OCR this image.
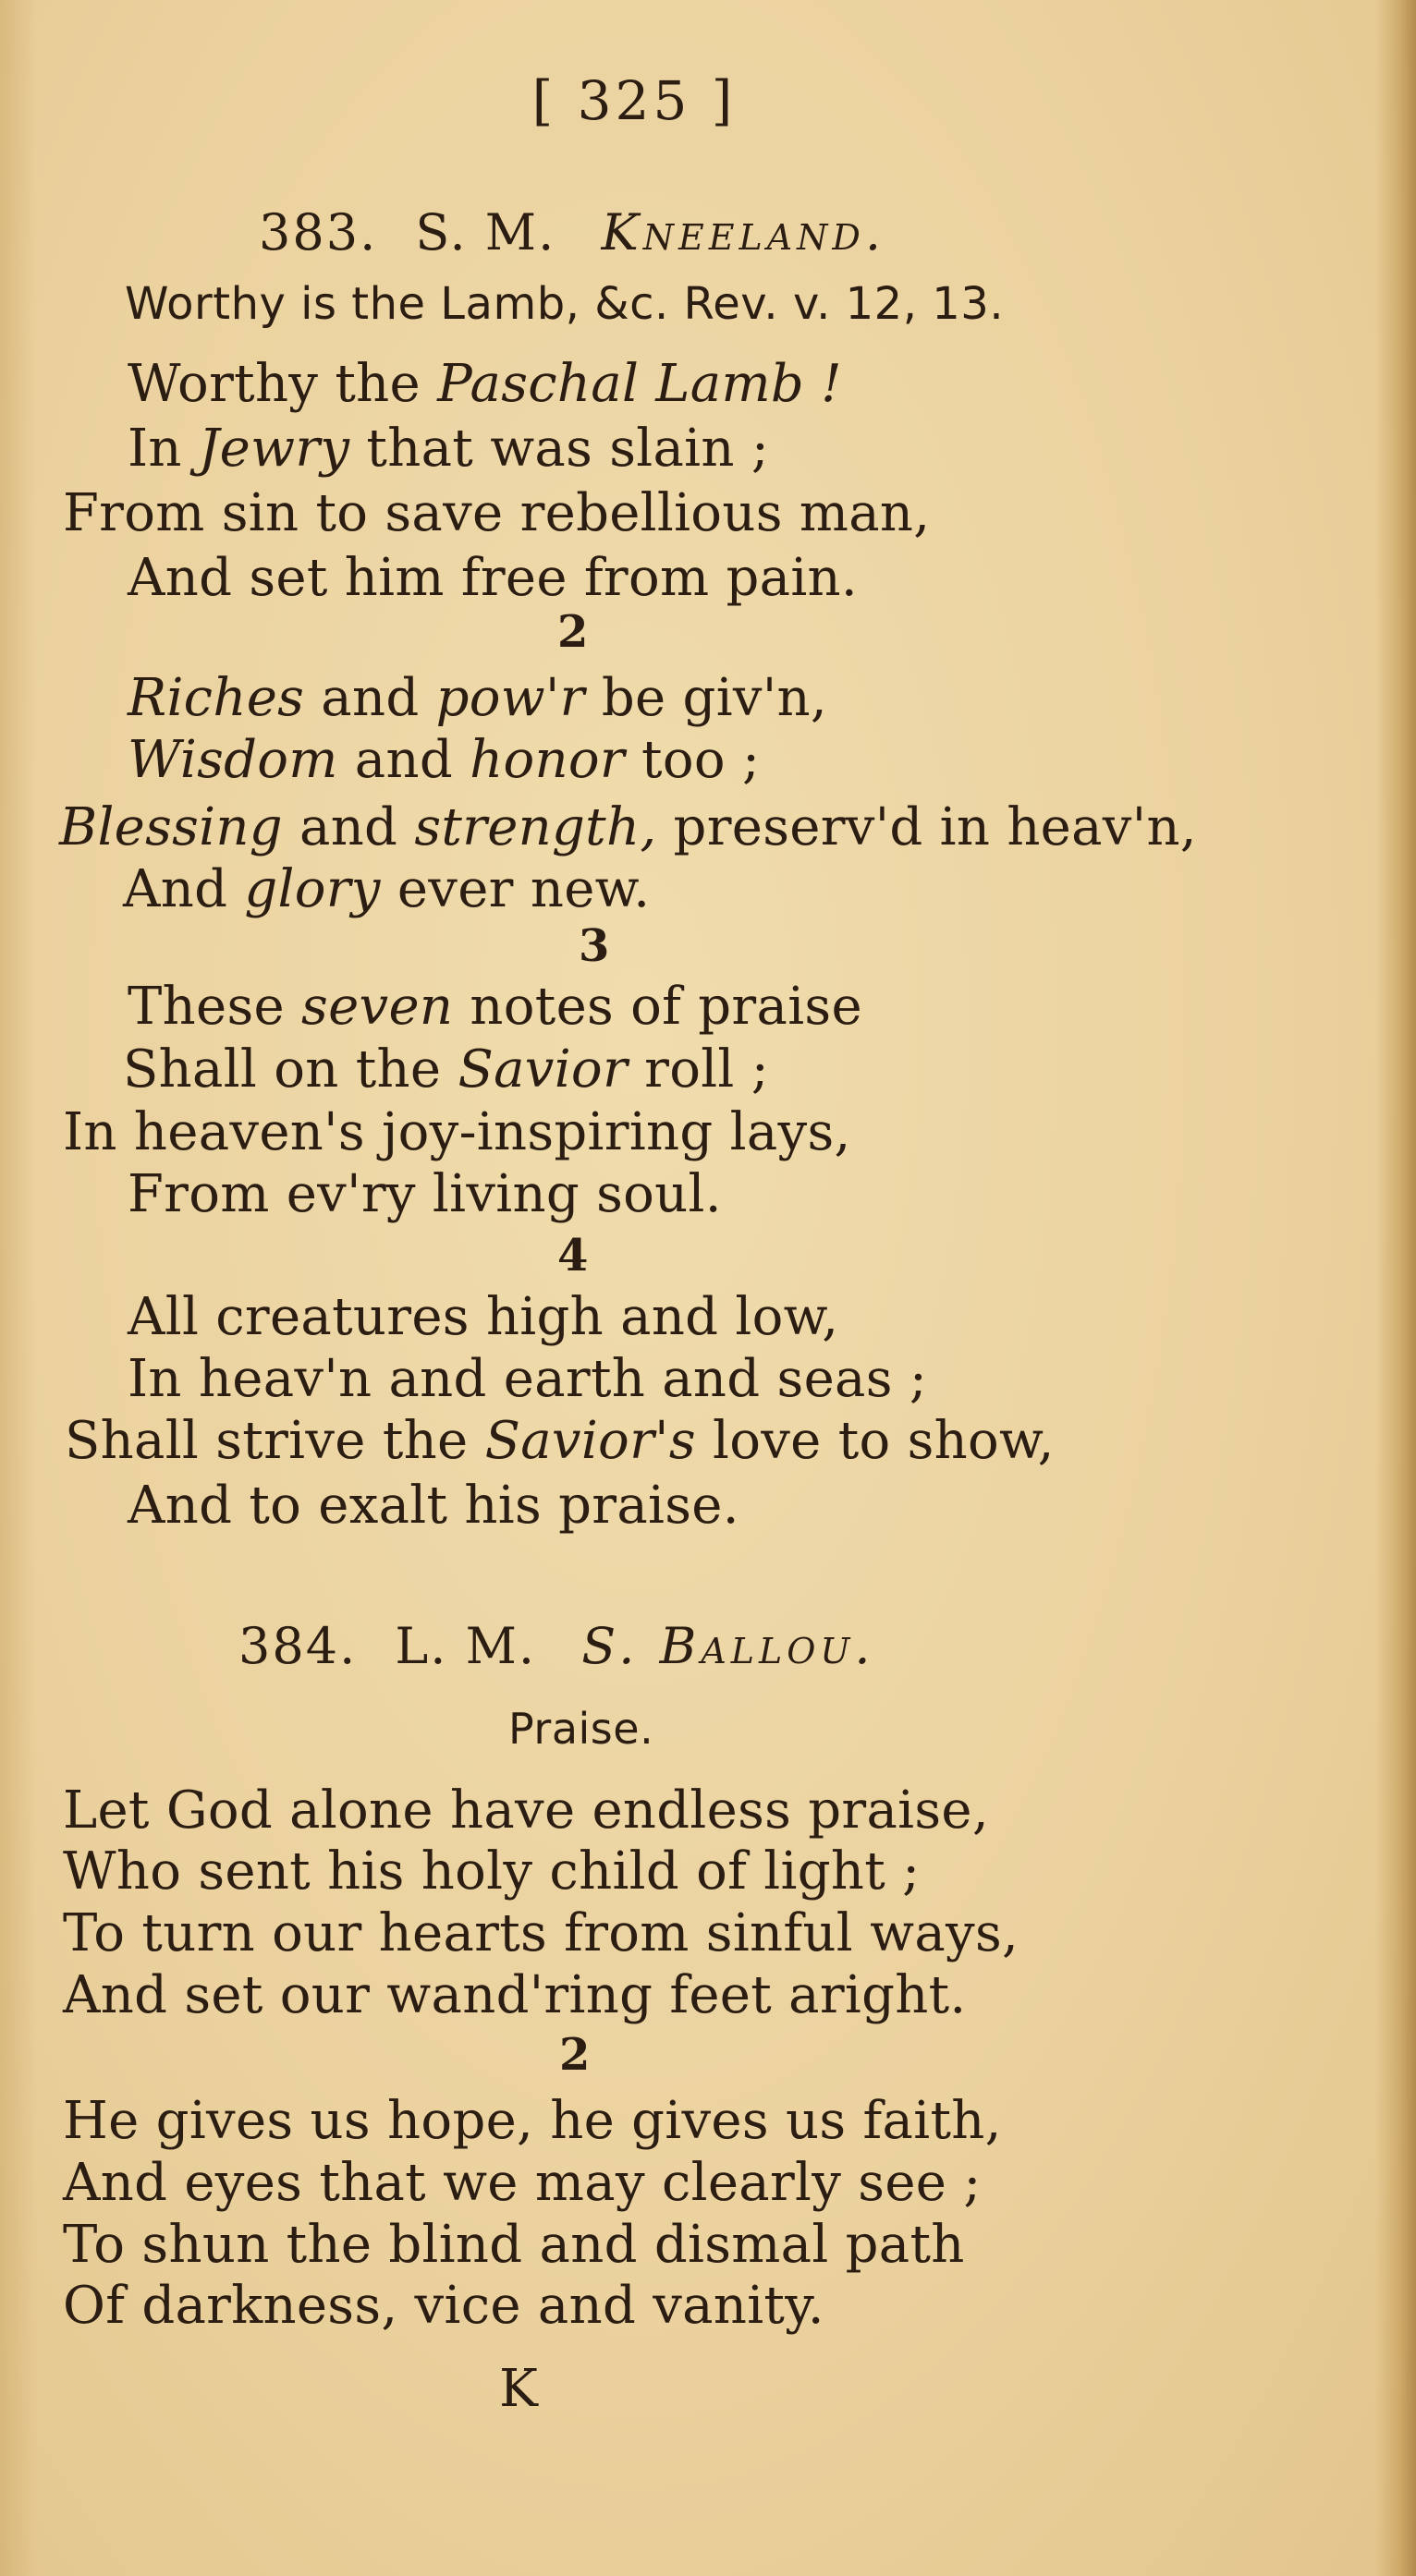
[ 325 ]
383. S. M. Kneeland.
Worthy is the Lamb, &c. Rev. v. 12, 13.
Worthy the Paschal Lamb !
In Jewry that was slain ;
From sin to save rebellious man,
And set him free from pain.
2
Riches and pow'r be giv'n,
Wisdom and honor too ;
Blessing and strength, preserv'd in heav'n,
And glory ever new.
3
These seven notes of praise
Shall on the Savior roll ;
In heaven's joy-inspiring lays,
From ev'ry living soul.
4
All creatures high and low,
In heav'n and earth and seas ;
Shall strive the Savior's love to show,
And to exalt his praise.
384. L. M. S. Ballou.
Praise.
Let God alone have endless praise,
Who sent his holy child of light ;
To turn our hearts from sinful ways,
And set our wand'ring feet aright.
2
He gives us hope, he gives us faith,
And eyes that we may clearly see ;
To shun the blind and dismal path
Of darkness, vice and vanity.
K
